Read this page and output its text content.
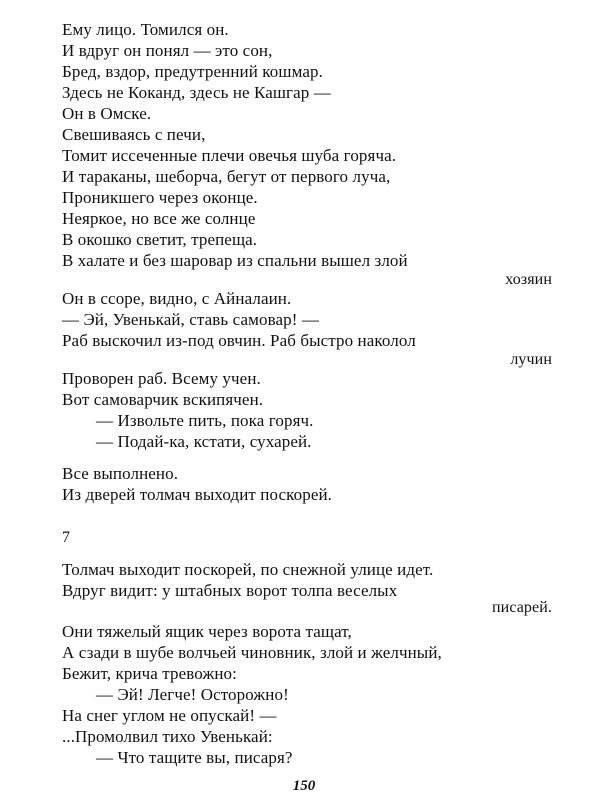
Ему лицо. Томился он.
И вдруг он понял — это сон,
Бред, вздор, предутренний кошмар.
Здесь не Коканд, здесь не Кашгар —
Он в Омске.
Свешиваясь с печи,
Томит иссеченные плечи овечья шуба горяча.
И тараканы, шеборча, бегут от первого луча,
Проникшего через оконце.
Неяркое, но все же солнце
В окошко светит, трепеща.
В халате и без шаровар из спальни вышел злой
хозяин
Он в ссоре, видно, с Айналаин.
— Эй, Увенькай, ставь самовар! —
Раб выскочил из-под овчин. Раб быстро наколол
лучин
Проворен раб. Всему учен.
Вот самоварчик вскипячен.
— Извольте пить, пока горяч.
— Подай-ка, кстати, сухарей.
Все выполнено.
Из дверей толмач выходит поскорей.
7
Толмач выходит поскорей, по снежной улице идет.
Вдруг видит: у штабных ворот толпа веселых
писарей.
Они тяжелый ящик через ворота тащат,
А сзади в шубе волчьей чиновник, злой и желчный,
Бежит, крича тревожно:
— Эй! Легче! Осторожно!
На снег углом не опускай! —
...Промолвил тихо Увенькай:
150
— Что тащите вы, писаря?
